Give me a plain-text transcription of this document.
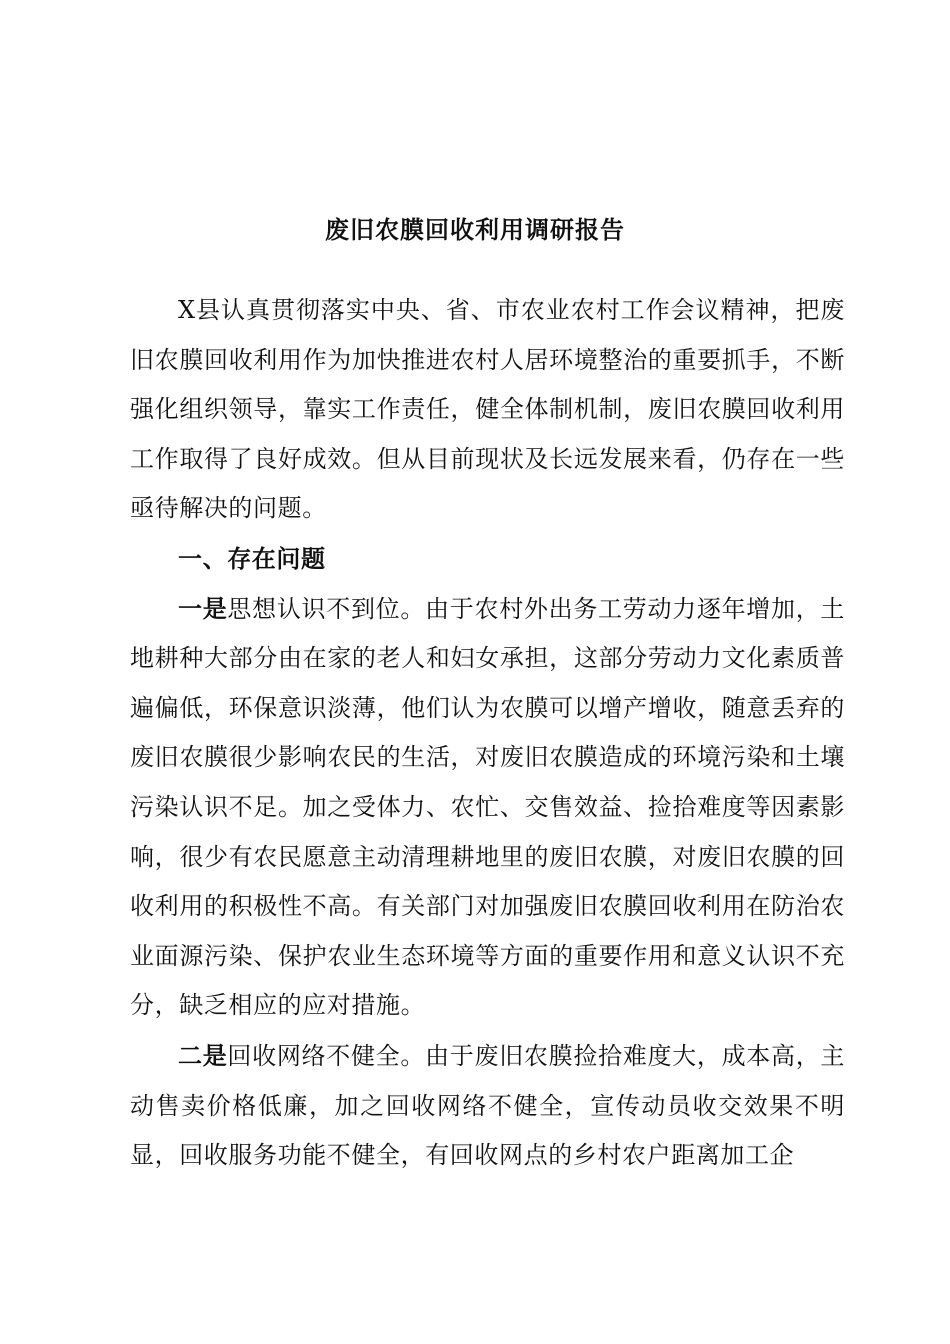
废旧农膜回收利用调研报告

X县认真贯彻落实中央、省、市农业农村工作会议精神，把废旧农膜回收利用作为加快推进农村人居环境整治的重要抓手，不断强化组织领导，靠实工作责任，健全体制机制，废旧农膜回收利用工作取得了良好成效。但从目前现状及长远发展来看，仍存在一些亟待解决的问题。

一、存在问题

一是思想认识不到位。由于农村外出务工劳动力逐年增加，土地耕种大部分由在家的老人和妇女承担，这部分劳动力文化素质普遍偏低，环保意识淡薄，他们认为农膜可以增产增收，随意丢弃的废旧农膜很少影响农民的生活，对废旧农膜造成的环境污染和土壤污染认识不足。加之受体力、农忙、交售效益、捡拾难度等因素影响，很少有农民愿意主动清理耕地里的废旧农膜，对废旧农膜的回收利用的积极性不高。有关部门对加强废旧农膜回收利用在防治农业面源污染、保护农业生态环境等方面的重要作用和意义认识不充分，缺乏相应的应对措施。

二是回收网络不健全。由于废旧农膜捡拾难度大，成本高，主动售卖价格低廉，加之回收网络不健全，宣传动员收交效果不明显，回收服务功能不健全，有回收网点的乡村农户距离加工企
